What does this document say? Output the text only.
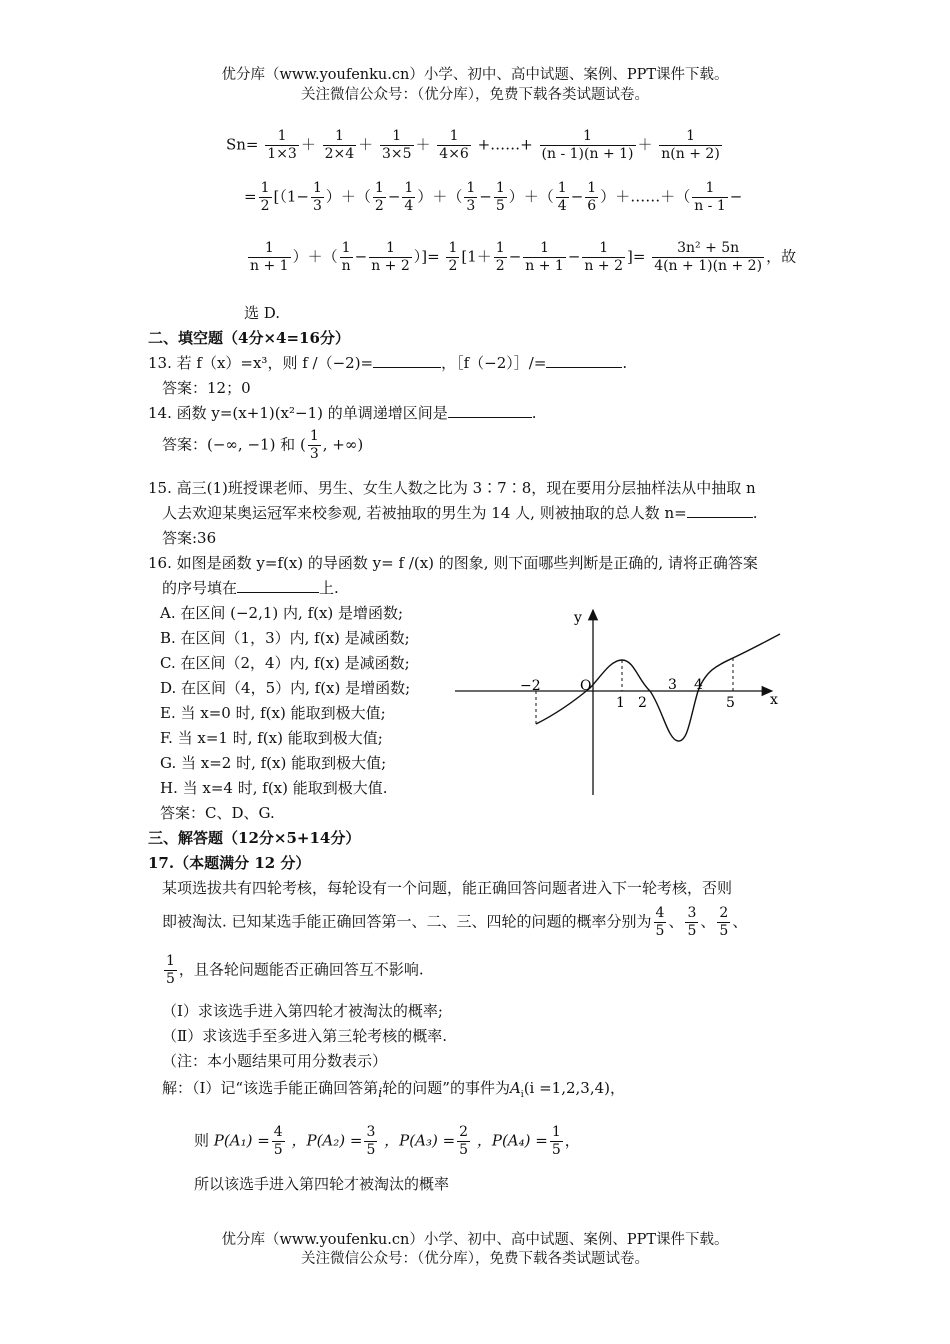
优分库（www.youfenku.cn）小学、初中、高中试题、案例、PPT课件下载。
关注微信公众号：（优分库），免费下载各类试题试卷。
$Sn= \frac{1}{1\times 3} + \frac{1}{2\times 4} + \frac{1}{3\times 5} + \frac{1}{4\times 6}$ +……+ $\frac{1}{(n - 1)(n + 1)} + \frac{1}{n(n + 2)}$
= $\frac{1}{2} [(1- \frac{1}{3}$ ）＋（ $\frac{1}{2} - \frac{1}{4}$ ）＋（ $\frac{1}{3} - \frac{1}{5}$ ）＋（ $\frac{1}{4} - \frac{1}{6}$ ）＋……＋（ $\frac{1}{n - 1}$ −
$\frac{1}{n + 1}$ ）＋（ $\frac{1}{n} - \frac{1}{n + 2}$ ）]= $\frac{1}{2} [1+ \frac{1}{2} - \frac{1}{n + 1} - \frac{1}{n + 2}$ ]= $\frac{\text{3n² + 5n}}{4(n + 1)(n + 2)}$ ，故
选 D.
二、填空题（4分×4=16分）
13. 若 f（x）=x³，则 f /（−2)=	，［f（−2）］/=	.
答案：12；0
14. 函数 y=(x+1)(x²−1) 的单调递增区间是	.
答案：(−∞, −1) 和 ( $\frac{1}{3}$ , +∞)
15. 高三(1)班授课老师、男生、女生人数之比为 3∶7∶8，现在要用分层抽样法从中抽取 n
人去欢迎某奥运冠军来校参观, 若被抽取的男生为 14 人, 则被抽取的总人数 n=	.
答案:36
16. 如图是函数 y=f(x) 的导函数 y= f /(x) 的图象, 则下面哪些判断是正确的, 请将正确答案
的序号填在	上.
A. 在区间 (−2,1) 内, f(x) 是增函数;
B. 在区间（1，3）内, f(x) 是减函数;
C. 在区间（2，4）内, f(x) 是减函数;
D. 在区间（4，5）内, f(x) 是增函数;
E. 当 x=0 时, f(x) 能取到极大值;
F. 当 x=1 时, f(x) 能取到极大值;
G. 当 x=2 时, f(x) 能取到极大值;
H. 当 x=4 时, f(x) 能取到极大值.
答案：C、D、G.
y
x
O
−2
1 2
3 4
5
三、解答题（12分×5+14分）
17.（本题满分 12 分）
某项选拔共有四轮考核，每轮设有一个问题，能正确回答问题者进入下一轮考核，否则
即被淘汰. 已知某选手能正确回答第一、二、三、四轮的问题的概率分别为 $\frac{4}{5}$ 、 $\frac{3}{5}$ 、 $\frac{2}{5}$ 、
$\frac{1}{5}$ ，且各轮问题能否正确回答互不影响.
（Ⅰ）求该选手进入第四轮才被淘汰的概率;
（Ⅱ）求该选手至多进入第三轮考核的概率.
（注：本小题结果可用分数表示）
解：（Ⅰ）记“该选手能正确回答第i轮的问题”的事件为$A_i(i =1,2,3,4)$，
则 $P(A_1) = \frac{4}{5}$ ，$P(A_2) = \frac{3}{5}$ ，$P(A_3) = \frac{2}{5}$ ，$P(A_4) = \frac{1}{5}$ ，
所以该选手进入第四轮才被淘汰的概率
优分库（www.youfenku.cn）小学、初中、高中试题、案例、PPT课件下载。
关注微信公众号：（优分库），免费下载各类试题试卷。
